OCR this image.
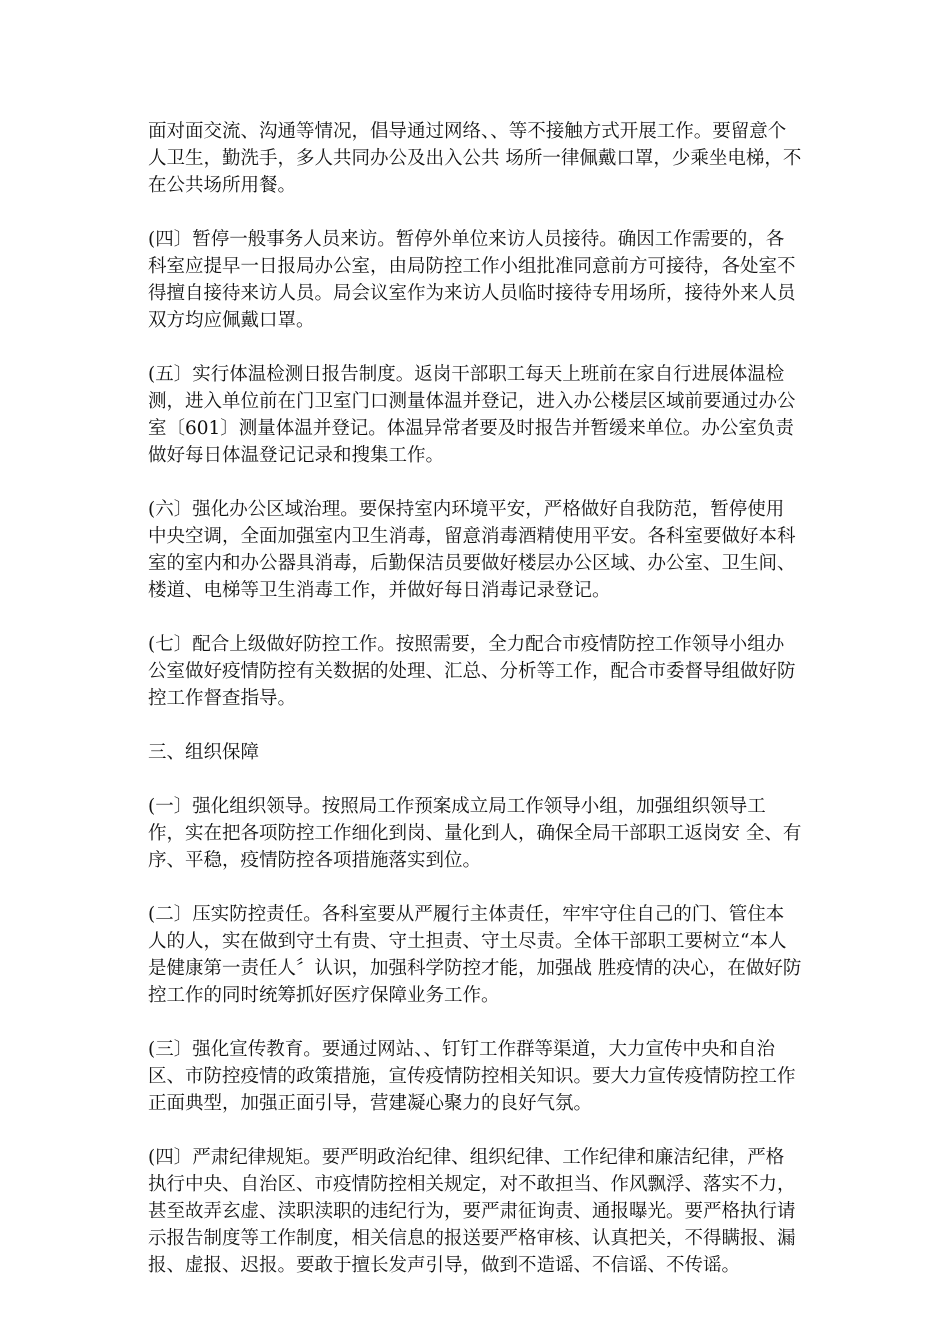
面对面交流、沟通等情况，倡导通过网络、、等不接触方式开展工作。要留意个人卫生，勤洗手，多人共同办公及出入公共 场所一律佩戴口罩，少乘坐电梯，不在公共场所用餐。

(四〕暂停一般事务人员来访。暂停外单位来访人员接待。确因工作需要的，各科室应提早一日报局办公室，由局防控工作小组批准同意前方可接待，各处室不得擅自接待来访人员。局会议室作为来访人员临时接待专用场所，接待外来人员双方均应佩戴口罩。

(五〕实行体温检测日报告制度。返岗干部职工每天上班前在家自行进展体温检测，进入单位前在门卫室门口测量体温并登记，进入办公楼层区域前要通过办公室〔601〕测量体温并登记。体温异常者要及时报告并暂缓来单位。办公室负责做好每日体温登记记录和搜集工作。

(六〕强化办公区域治理。要保持室内环境平安，严格做好自我防范，暂停使用中央空调，全面加强室内卫生消毒，留意消毒酒精使用平安。各科室要做好本科室的室内和办公器具消毒，后勤保洁员要做好楼层办公区域、办公室、卫生间、楼道、电梯等卫生消毒工作，并做好每日消毒记录登记。

(七〕配合上级做好防控工作。按照需要，全力配合市疫情防控工作领导小组办公室做好疫情防控有关数据的处理、汇总、分析等工作，配合市委督导组做好防控工作督查指导。

三、组织保障

(一〕强化组织领导。按照局工作预案成立局工作领导小组，加强组织领导工作，实在把各项防控工作细化到岗、量化到人，确保全局干部职工返岗安 全、有序、平稳，疫情防控各项措施落实到位。

(二〕压实防控责任。各科室要从严履行主体责任，牢牢守住自己的门、管住本人的人，实在做到守土有贵、守土担责、守土尽责。全体干部职工要树立“本人是健康第一责任人〞认识，加强科学防控才能，加强战 胜疫情的决心，在做好防控工作的同时统筹抓好医疗保障业务工作。

(三〕强化宣传教育。要通过网站、、钉钉工作群等渠道，大力宣传中央和自治区、市防控疫情的政策措施，宣传疫情防控相关知识。要大力宣传疫情防控工作正面典型，加强正面引导，营建凝心聚力的良好气氛。

(四〕严肃纪律规矩。要严明政治纪律、组织纪律、工作纪律和廉洁纪律，严格执行中央、自治区、市疫情防控相关规定，对不敢担当、作风飘浮、落实不力，甚至故弄玄虚、渎职渎职的违纪行为，要严肃征询责、通报曝光。要严格执行请示报告制度等工作制度，相关信息的报送要严格审核、认真把关，不得瞒报、漏报、虚报、迟报。要敢于擅长发声引导，做到不造谣、不信谣、不传谣。
